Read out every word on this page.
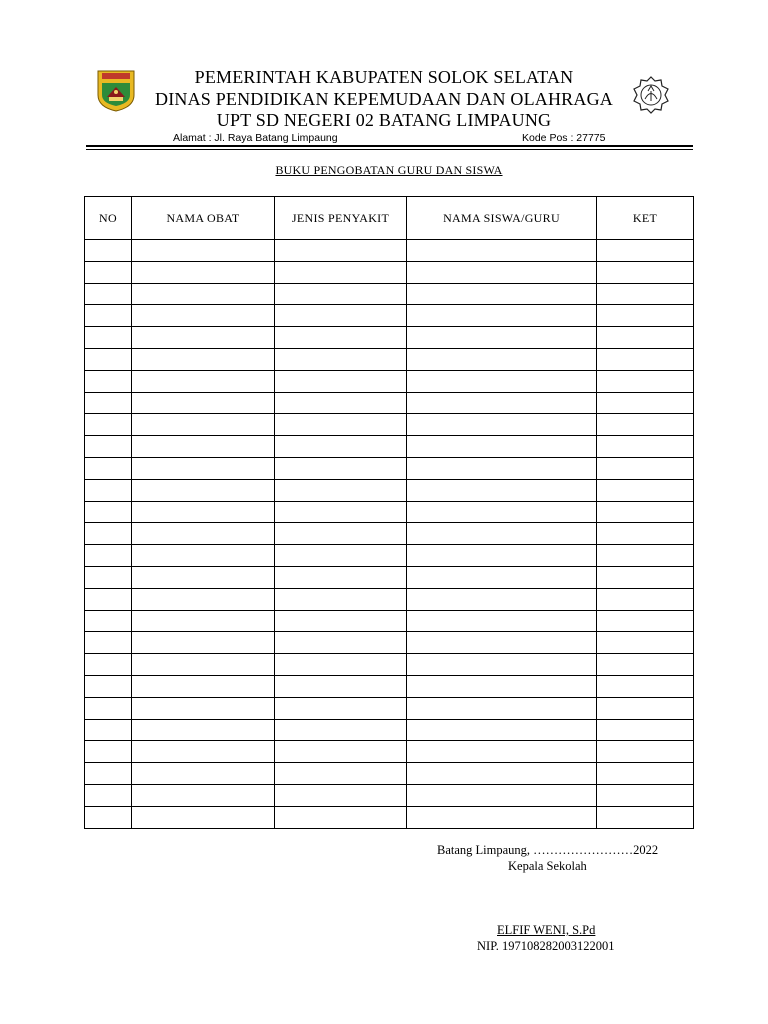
PEMERINTAH KABUPATEN SOLOK SELATAN
DINAS PENDIDIKAN KEPEMUDAAN DAN OLAHRAGA
UPT SD NEGERI 02 BATANG LIMPAUNG
Alamat : Jl. Raya Batang Limpaung	Kode Pos : 27775
BUKU PENGOBATAN GURU DAN SISWA
NO	NAMA OBAT	JENIS PENYAKIT	NAMA SISWA/GURU	KET

Batang Limpaung, ……………………2022
Kepala Sekolah
ELFIF WENI, S.Pd
NIP. 197108282003122001
